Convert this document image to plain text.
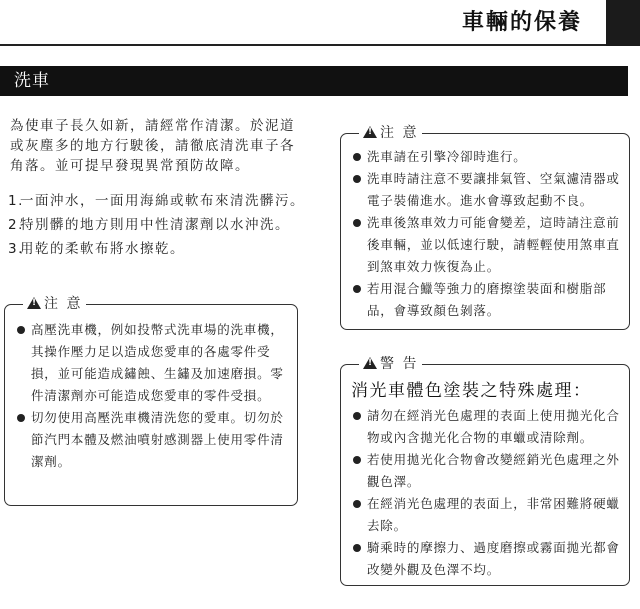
車輛的保養
洗車
為使車子長久如新，請經常作清潔。於泥道或灰塵多的地方行駛後，請徹底清洗車子各角落。並可提早發現異常預防故障。
1.
一面沖水，一面用海綿或軟布來清洗髒污。
2.
特別髒的地方則用中性清潔劑以水沖洗。
3.
用乾的柔軟布將水擦乾。
!注 意
高壓洗車機，例如投幣式洗車場的洗車機，其操作壓力足以造成您愛車的各處零件受損，並可能造成鏽蝕、生鏽及加速磨損。零件清潔劑亦可能造成您愛車的零件受損。
切勿使用高壓洗車機清洗您的愛車。切勿於節汽門本體及燃油噴射感測器上使用零件清潔劑。
!注 意
洗車請在引擎冷卻時進行。
洗車時請注意不要讓排氣管、空氣濾清器或電子裝備進水。進水會導致起動不良。
洗車後煞車效力可能會變差，這時請注意前後車輛，並以低速行駛，請輕輕使用煞車直到煞車效力恢復為止。
若用混合鱲等強力的磨擦塗裝面和樹脂部品，會導致顏色剝落。
!警 告
消光車體色塗裝之特殊處理：
請勿在經消光色處理的表面上使用拋光化合物或內含拋光化合物的車蠟或清除劑。
若使用拋光化合物會改變經銷光色處理之外觀色澤。
在經消光色處理的表面上，非常困難將硬蠟去除。
騎乘時的摩擦力、過度磨擦或霧面拋光都會改變外觀及色澤不均。
